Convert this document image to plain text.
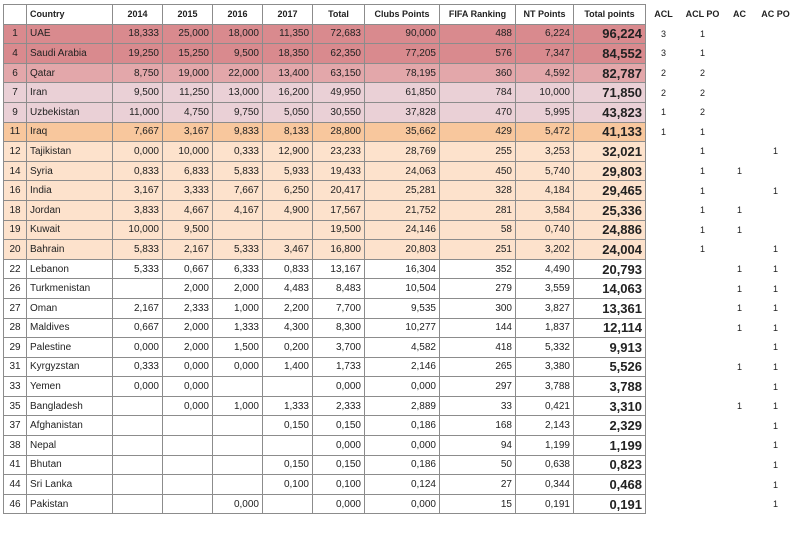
	Country	2014	2015	2016	2017	Total	Clubs Points	FIFA Ranking	NT Points	Total points	ACL	ACL PO	AC	AC PO
1	UAE	18,333	25,000	18,000	11,350	72,683	90,000	488	6,224	96,224	3	1		
4	Saudi Arabia	19,250	15,250	9,500	18,350	62,350	77,205	576	7,347	84,552	3	1		
6	Qatar	8,750	19,000	22,000	13,400	63,150	78,195	360	4,592	82,787	2	2		
7	Iran	9,500	11,250	13,000	16,200	49,950	61,850	784	10,000	71,850	2	2		
9	Uzbekistan	11,000	4,750	9,750	5,050	30,550	37,828	470	5,995	43,823	1	2		
11	Iraq	7,667	3,167	9,833	8,133	28,800	35,662	429	5,472	41,133	1	1		
12	Tajikistan	0,000	10,000	0,333	12,900	23,233	28,769	255	3,253	32,021		1		1
14	Syria	0,833	6,833	5,833	5,933	19,433	24,063	450	5,740	29,803		1	1	
16	India	3,167	3,333	7,667	6,250	20,417	25,281	328	4,184	29,465		1		1
18	Jordan	3,833	4,667	4,167	4,900	17,567	21,752	281	3,584	25,336		1	1	
19	Kuwait	10,000	9,500			19,500	24,146	58	0,740	24,886		1	1	
20	Bahrain	5,833	2,167	5,333	3,467	16,800	20,803	251	3,202	24,004		1		1
22	Lebanon	5,333	0,667	6,333	0,833	13,167	16,304	352	4,490	20,793			1	1
26	Turkmenistan		2,000	2,000	4,483	8,483	10,504	279	3,559	14,063			1	1
27	Oman	2,167	2,333	1,000	2,200	7,700	9,535	300	3,827	13,361			1	1
28	Maldives	0,667	2,000	1,333	4,300	8,300	10,277	144	1,837	12,114			1	1
29	Palestine	0,000	2,000	1,500	0,200	3,700	4,582	418	5,332	9,913				1
31	Kyrgyzstan	0,333	0,000	0,000	1,400	1,733	2,146	265	3,380	5,526			1	1
33	Yemen	0,000	0,000			0,000	0,000	297	3,788	3,788				1
35	Bangladesh		0,000	1,000	1,333	2,333	2,889	33	0,421	3,310			1	1
37	Afghanistan				0,150	0,150	0,186	168	2,143	2,329				1
38	Nepal					0,000	0,000	94	1,199	1,199				1
41	Bhutan				0,150	0,150	0,186	50	0,638	0,823				1
44	Sri Lanka				0,100	0,100	0,124	27	0,344	0,468				1
46	Pakistan			0,000		0,000	0,000	15	0,191	0,191				1
